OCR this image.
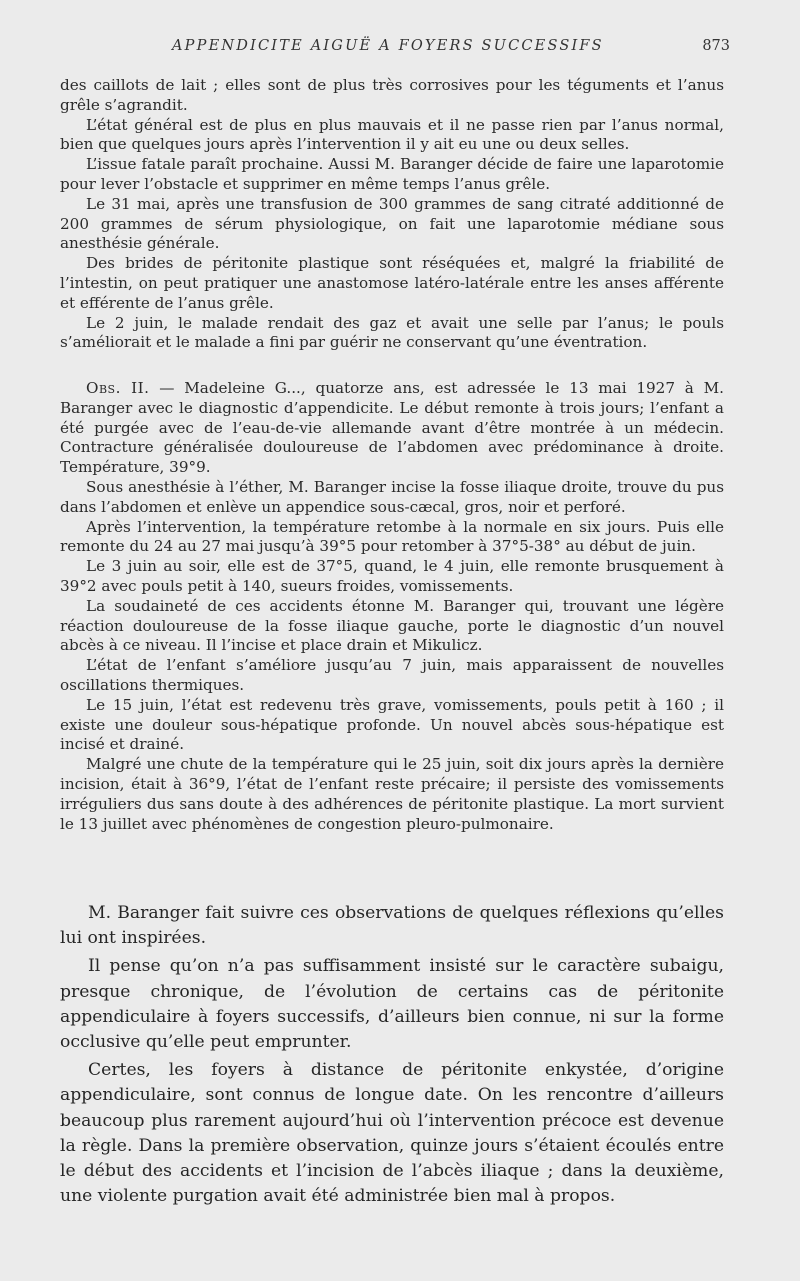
APPENDICITE AIGUË A FOYERS SUCCESSIFS	873

des caillots de lait ; elles sont de plus très corrosives pour les téguments et l’anus grêle s’agrandit.

L’état général est de plus en plus mauvais et il ne passe rien par l’anus normal, bien que quelques jours après l’intervention il y ait eu une ou deux selles.

L’issue fatale paraît prochaine. Aussi M. Baranger décide de faire une laparotomie pour lever l’obstacle et supprimer en même temps l’anus grêle.

Le 31 mai, après une transfusion de 300 grammes de sang citraté additionné de 200 grammes de sérum physiologique, on fait une laparotomie médiane sous anesthésie générale.

Des brides de péritonite plastique sont réséquées et, malgré la friabilité de l’intestin, on peut pratiquer une anastomose latéro-latérale entre les anses afférente et efférente de l’anus grêle.

Le 2 juin, le malade rendait des gaz et avait une selle par l’anus; le pouls s’améliorait et le malade a fini par guérir ne conservant qu’une éventration.

Obs. II. — Madeleine G..., quatorze ans, est adressée le 13 mai 1927 à M. Baranger avec le diagnostic d’appendicite. Le début remonte à trois jours; l’enfant a été purgée avec de l’eau-de-vie allemande avant d’être montrée à un médecin. Contracture généralisée douloureuse de l’abdomen avec prédominance à droite. Température, 39°9.

Sous anesthésie à l’éther, M. Baranger incise la fosse iliaque droite, trouve du pus dans l’abdomen et enlève un appendice sous-cæcal, gros, noir et perforé.

Après l’intervention, la température retombe à la normale en six jours. Puis elle remonte du 24 au 27 mai jusqu’à 39°5 pour retomber à 37°5-38° au début de juin.

Le 3 juin au soir, elle est de 37°5, quand, le 4 juin, elle remonte brusquement à 39°2 avec pouls petit à 140, sueurs froides, vomissements.

La soudaineté de ces accidents étonne M. Baranger qui, trouvant une légère réaction douloureuse de la fosse iliaque gauche, porte le diagnostic d’un nouvel abcès à ce niveau. Il l’incise et place drain et Mikulicz.

L’état de l’enfant s’améliore jusqu’au 7 juin, mais apparaissent de nouvelles oscillations thermiques.

Le 15 juin, l’état est redevenu très grave, vomissements, pouls petit à 160 ; il existe une douleur sous-hépatique profonde. Un nouvel abcès sous-hépatique est incisé et drainé.

Malgré une chute de la température qui le 25 juin, soit dix jours après la dernière incision, était à 36°9, l’état de l’enfant reste précaire; il persiste des vomissements irréguliers dus sans doute à des adhérences de péritonite plastique. La mort survient le 13 juillet avec phénomènes de congestion pleuro-pulmonaire.

M. Baranger fait suivre ces observations de quelques réflexions qu’elles lui ont inspirées.

Il pense qu’on n’a pas suffisamment insisté sur le caractère subaigu, presque chronique, de l’évolution de certains cas de péritonite appendiculaire à foyers successifs, d’ailleurs bien connue, ni sur la forme occlusive qu’elle peut emprunter.

Certes, les foyers à distance de péritonite enkystée, d’origine appendiculaire, sont connus de longue date. On les rencontre d’ailleurs beaucoup plus rarement aujourd’hui où l’intervention précoce est devenue la règle. Dans la première observation, quinze jours s’étaient écoulés entre le début des accidents et l’incision de l’abcès iliaque ; dans la deuxième, une violente purgation avait été administrée bien mal à propos.
